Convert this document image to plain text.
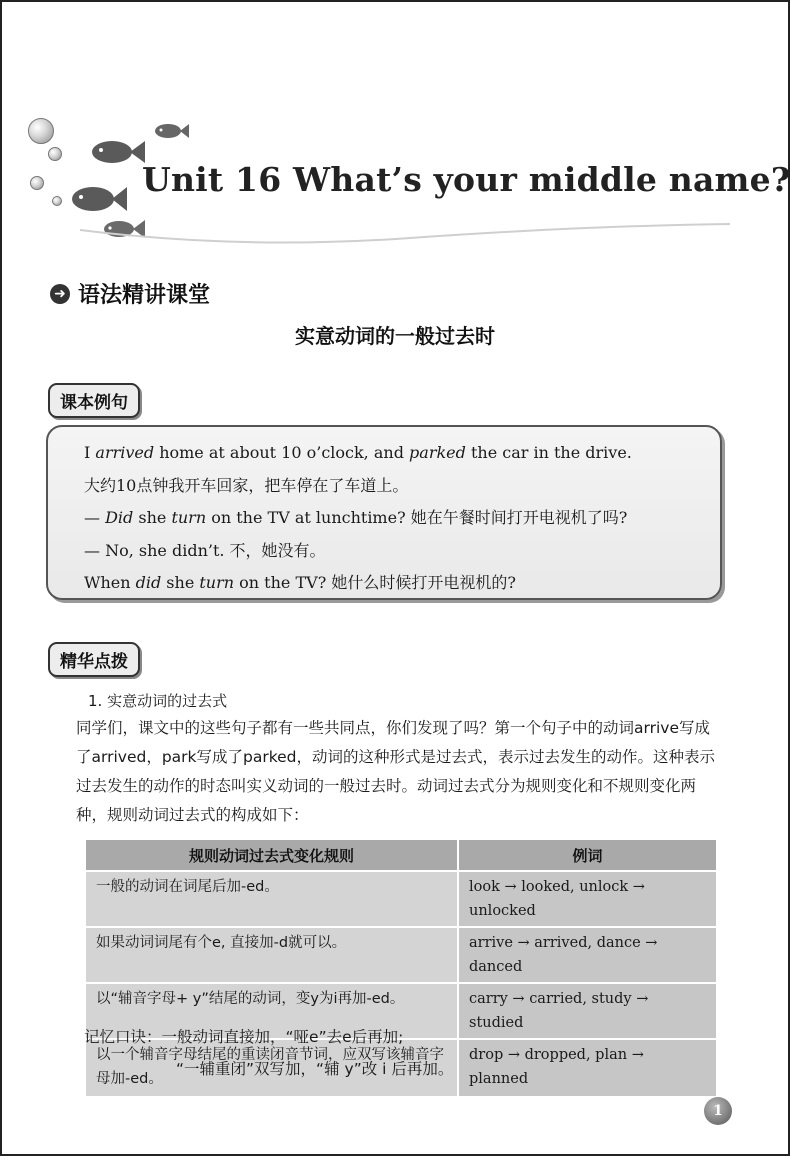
Unit 16 What’s your middle name?
➜ 语法精讲课堂
实意动词的一般过去时
课本例句
I arrived home at about 10 o’clock, and parked the car in the drive.
大约10点钟我开车回家，把车停在了车道上。
— Did she turn on the TV at lunchtime? 她在午餐时间打开电视机了吗?
— No, she didn’t. 不，她没有。
When did she turn on the TV? 她什么时候打开电视机的?
精华点拨
1. 实意动词的过去式
同学们，课文中的这些句子都有一些共同点，你们发现了吗？第一个句子中的动词arrive写成了arrived，park写成了parked，动词的这种形式是过去式，表示过去发生的动作。这种表示过去发生的动作的时态叫实义动词的一般过去时。动词过去式分为规则变化和不规则变化两种，规则动词过去式的构成如下：
规则动词过去式变化规则	例词
一般的动词在词尾后加-ed。	look → looked, unlock → unlocked
如果动词词尾有个e, 直接加-d就可以。	arrive → arrived, dance → danced
以“辅音字母+ y”结尾的动词，变y为i再加-ed。	carry → carried, study → studied
以一个辅音字母结尾的重读闭音节词，应双写该辅音字母加-ed。	drop → dropped, plan → planned
记忆口诀：一般动词直接加，“哑e”去e后再加;
“一辅重闭”双写加，“辅 y”改 i 后再加。
1
